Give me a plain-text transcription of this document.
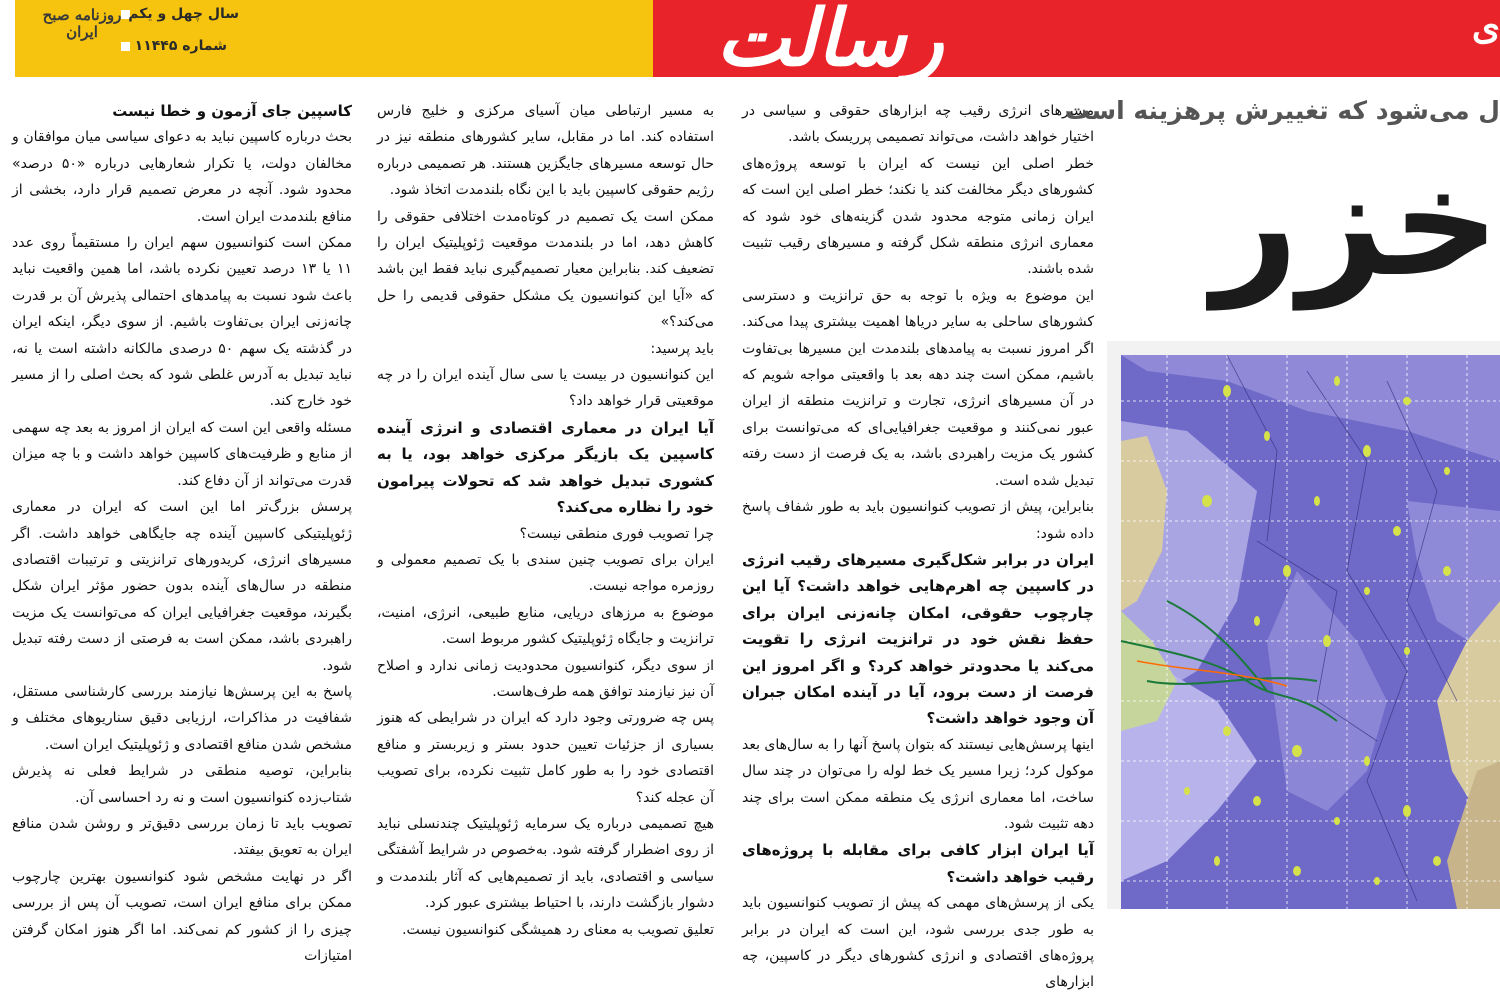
روزنامه صبح ایران
سال چهل و یکم
شماره ۱۱۴۴۵	رسالت	ی

کاسپین جای آزمون و خطا نیست

بحث درباره کاسپین نباید به دعوای سیاسی میان موافقان و مخالفان دولت، یا تکرار شعارهایی درباره «۵۰ درصد» محدود شود. آنچه در معرض تصمیم قرار دارد، بخشی از منافع بلندمدت ایران است.

ممکن است کنوانسیون سهم ایران را مستقیماً روی عدد ۱۱ یا ۱۳ درصد تعیین نکرده باشد، اما همین واقعیت نباید باعث شود نسبت به پیامدهای احتمالی پذیرش آن بر قدرت چانه‌زنی ایران بی‌تفاوت باشیم. از سوی دیگر، اینکه ایران در گذشته یک سهم ۵۰ درصدی مالکانه داشته است یا نه، نباید تبدیل به آدرس غلطی شود که بحث اصلی را از مسیر خود خارج کند.

مسئله واقعی این است که ایران از امروز به بعد چه سهمی از منابع و ظرفیت‌های کاسپین خواهد داشت و با چه میزان قدرت می‌تواند از آن دفاع کند.

پرسش بزرگ‌تر اما این است که ایران در معماری ژئوپلیتیکی کاسپین آینده چه جایگاهی خواهد داشت. اگر مسیرهای انرژی، کریدورهای ترانزیتی و ترتیبات اقتصادی منطقه در سال‌های آینده بدون حضور مؤثر ایران شکل بگیرند، موقعیت جغرافیایی ایران که می‌توانست یک مزیت راهبردی باشد، ممکن است به فرصتی از دست رفته تبدیل شود.

پاسخ به این پرسش‌ها نیازمند بررسی کارشناسی مستقل، شفافیت در مذاکرات، ارزیابی دقیق سناریوهای مختلف و مشخص شدن منافع اقتصادی و ژئوپلیتیک ایران است.

بنابراین، توصیه منطقی در شرایط فعلی نه پذیرش شتاب‌زده کنوانسیون است و نه رد احساسی آن.

تصویب باید تا زمان بررسی دقیق‌تر و روشن شدن منافع ایران به تعویق بیفتد.

اگر در نهایت مشخص شود کنوانسیون بهترین چارچوب ممکن برای منافع ایران است، تصویب آن پس از بررسی چیزی را از کشور کم نمی‌کند. اما اگر هنوز امکان گرفتن امتیازات

به مسیر ارتباطی میان آسیای مرکزی و خلیج فارس استفاده کند. اما در مقابل، سایر کشورهای منطقه نیز در حال توسعه مسیرهای جایگزین هستند. هر تصمیمی درباره رژیم حقوقی کاسپین باید با این نگاه بلندمدت اتخاذ شود.

ممکن است یک تصمیم در کوتاه‌مدت اختلافی حقوقی را کاهش دهد، اما در بلندمدت موقعیت ژئوپلیتیک ایران را تضعیف کند. بنابراین معیار تصمیم‌گیری نباید فقط این باشد که «آیا این کنوانسیون یک مشکل حقوقی قدیمی را حل می‌کند؟»

باید پرسید:

این کنوانسیون در بیست یا سی سال آینده ایران را در چه موقعیتی قرار خواهد داد؟

آیا ایران در معماری اقتصادی و انرژی آینده کاسپین یک بازیگر مرکزی خواهد بود، یا به کشوری تبدیل خواهد شد که تحولات پیرامون خود را نظاره می‌کند؟

چرا تصویب فوری منطقی نیست؟

ایران برای تصویب چنین سندی با یک تصمیم معمولی و روزمره مواجه نیست.

موضوع به مرزهای دریایی، منابع طبیعی، انرژی، امنیت، ترانزیت و جایگاه ژئوپلیتیک کشور مربوط است.

از سوی دیگر، کنوانسیون محدودیت زمانی ندارد و اصلاح آن نیز نیازمند توافق همه طرف‌هاست.

پس چه ضرورتی وجود دارد که ایران در شرایطی که هنوز بسیاری از جزئیات تعیین حدود بستر و زیربستر و منافع اقتصادی خود را به طور کامل تثبیت نکرده، برای تصویب آن عجله کند؟

هیچ تصمیمی درباره یک سرمایه ژئوپلیتیک چندنسلی نباید از روی اضطرار گرفته شود. به‌خصوص در شرایط آشفتگی سیاسی و اقتصادی، باید از تصمیم‌هایی که آثار بلندمدت و دشوار بازگشت دارند، با احتیاط بیشتری عبور کرد.

تعلیق تصویب به معنای رد همیشگی کنوانسیون نیست.

مسیرهای انرژی رقیب چه ابزارهای حقوقی و سیاسی در اختیار خواهد داشت، می‌تواند تصمیمی پرریسک باشد.

خطر اصلی این نیست که ایران با توسعه پروژه‌های کشورهای دیگر مخالفت کند یا نکند؛ خطر اصلی این است که ایران زمانی متوجه محدود شدن گزینه‌های خود شود که معماری انرژی منطقه شکل گرفته و مسیرهای رقیب تثبیت شده باشند.

این موضوع به ویژه با توجه به حق ترانزیت و دسترسی کشورهای ساحلی به سایر دریاها اهمیت بیشتری پیدا می‌کند. اگر امروز نسبت به پیامدهای بلندمدت این مسیرها بی‌تفاوت باشیم، ممکن است چند دهه بعد با واقعیتی مواجه شویم که در آن مسیرهای انرژی، تجارت و ترانزیت منطقه از ایران عبور نمی‌کنند و موقعیت جغرافیایی‌ای که می‌توانست برای کشور یک مزیت راهبردی باشد، به یک فرصت از دست رفته تبدیل شده است.

بنابراین، پیش از تصویب کنوانسیون باید به طور شفاف پاسخ داده شود:

ایران در برابر شکل‌گیری مسیرهای رقیب انرژی در کاسپین چه اهرم‌هایی خواهد داشت؟ آیا این چارچوب حقوقی، امکان چانه‌زنی ایران برای حفظ نقش خود در ترانزیت انرژی را تقویت می‌کند یا محدودتر خواهد کرد؟ و اگر امروز این فرصت از دست برود، آیا در آینده امکان جبران آن وجود خواهد داشت؟

اینها پرسش‌هایی نیستند که بتوان پاسخ آنها را به سال‌های بعد موکول کرد؛ زیرا مسیر یک خط لوله را می‌توان در چند سال ساخت، اما معماری انرژی یک منطقه ممکن است برای چند دهه تثبیت شود.

آیا ایران ابزار کافی برای مقابله با پروژه‌های رقیب خواهد داشت؟

یکی از پرسش‌های مهمی که پیش از تصویب کنوانسیون باید به طور جدی بررسی شود، این است که ایران در برابر پروژه‌های اقتصادی و انرژی کشورهای دیگر در کاسپین، چه ابزارهای

ل می‌شود که تغییرش پرهزینه است
خزر
